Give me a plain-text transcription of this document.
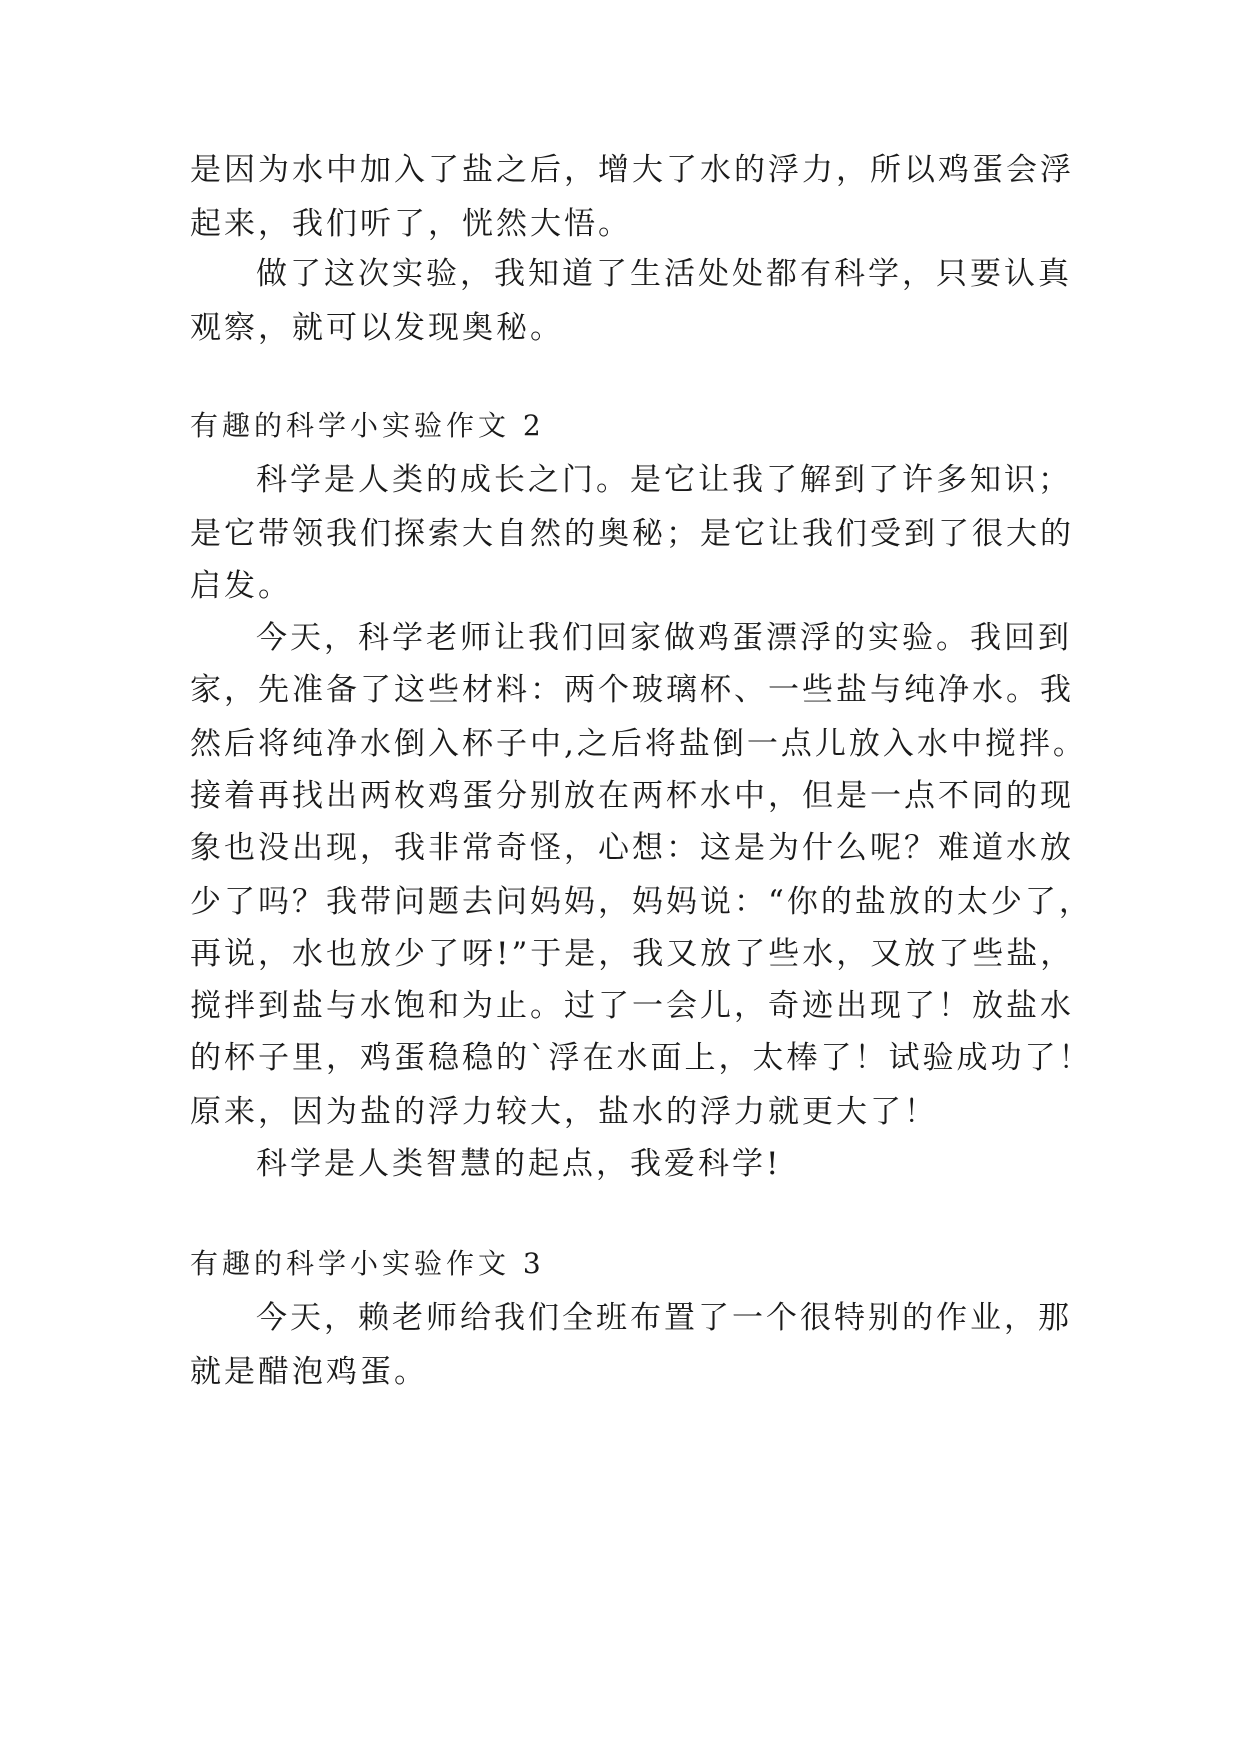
是因为水中加入了盐之后，增大了水的浮力，所以鸡蛋会浮
起来，我们听了，恍然大悟。
做了这次实验，我知道了生活处处都有科学，只要认真
观察，就可以发现奥秘。
有趣的科学小实验作文 2
科学是人类的成长之门。是它让我了解到了许多知识；
是它带领我们探索大自然的奥秘；是它让我们受到了很大的
启发。
今天，科学老师让我们回家做鸡蛋漂浮的实验。我回到
家，先准备了这些材料：两个玻璃杯、一些盐与纯净水。我
然后将纯净水倒入杯子中,之后将盐倒一点儿放入水中搅拌。
接着再找出两枚鸡蛋分别放在两杯水中，但是一点不同的现
象也没出现，我非常奇怪，心想：这是为什么呢？难道水放
少了吗？我带问题去问妈妈，妈妈说：“你的盐放的太少了，
再说，水也放少了呀!”于是，我又放了些水，又放了些盐，
搅拌到盐与水饱和为止。过了一会儿，奇迹出现了！放盐水
的杯子里，鸡蛋稳稳的`浮在水面上，太棒了！试验成功了！
原来，因为盐的浮力较大，盐水的浮力就更大了！
科学是人类智慧的起点，我爱科学!
有趣的科学小实验作文 3
今天，赖老师给我们全班布置了一个很特别的作业，那
就是醋泡鸡蛋。
